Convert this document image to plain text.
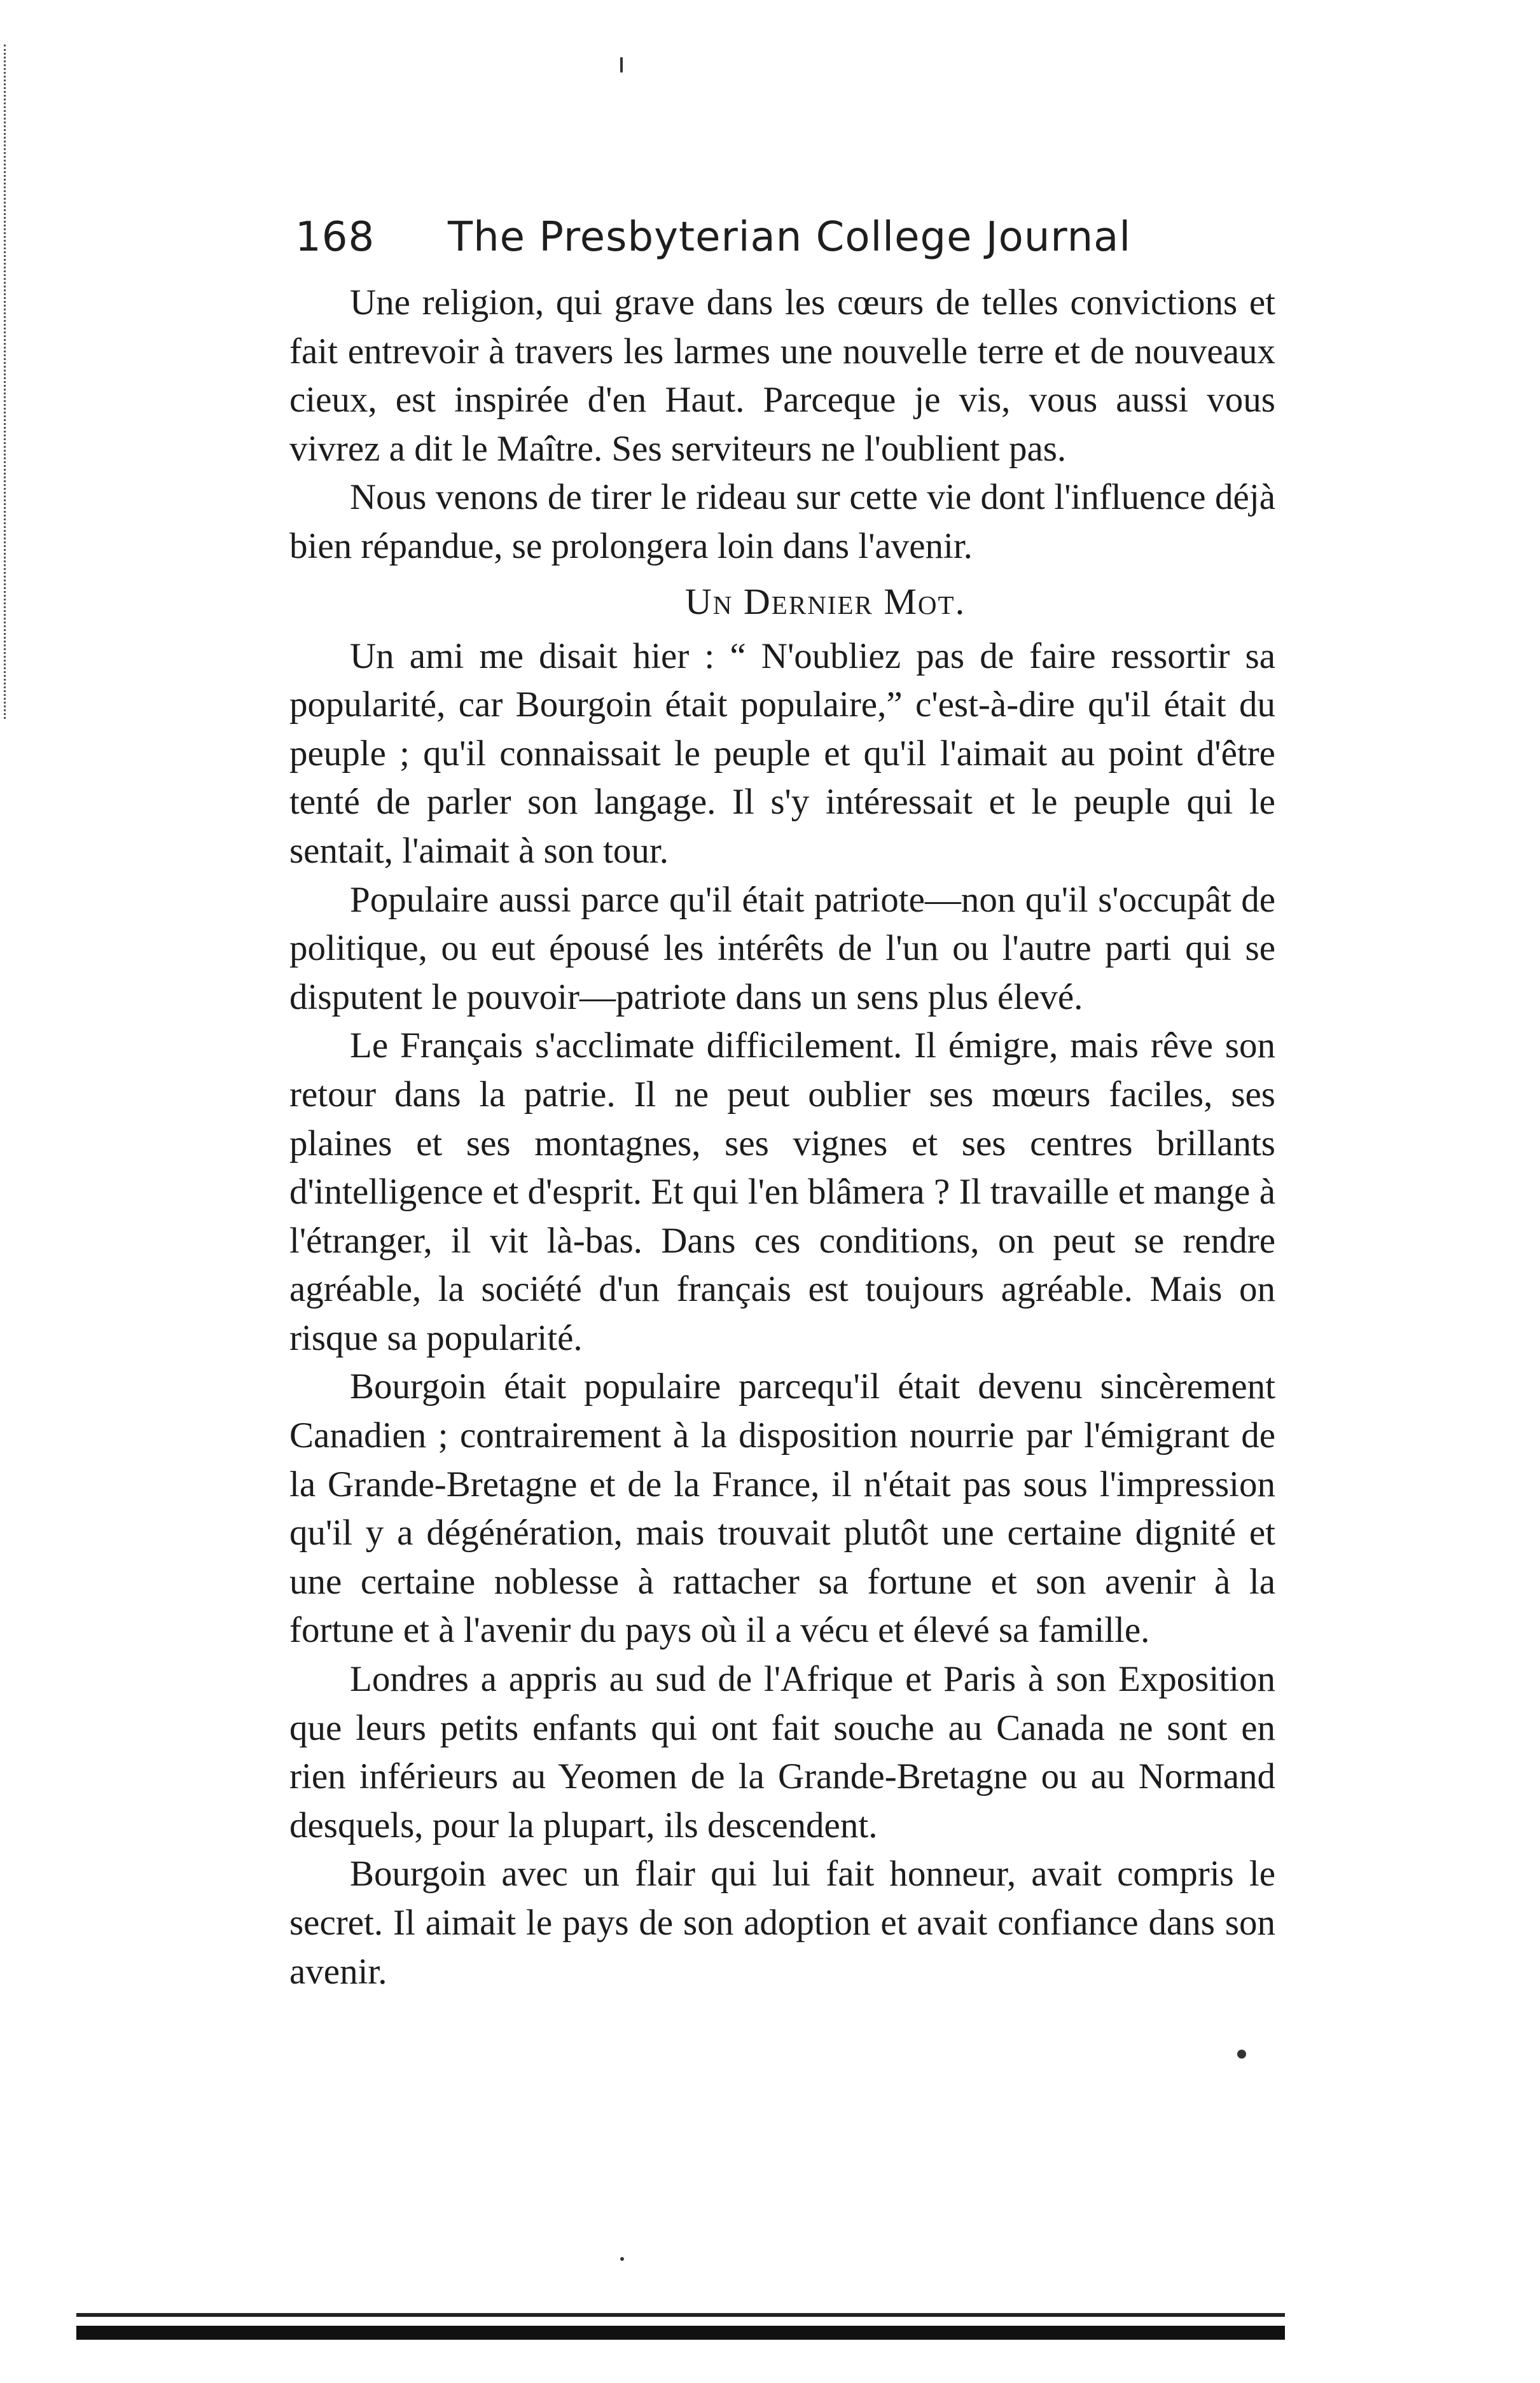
168 The Presbyterian College Journal

Une religion, qui grave dans les cœurs de telles convictions et fait entrevoir à travers les larmes une nouvelle terre et de nouveaux cieux, est inspirée d'en Haut. Parceque je vis, vous aussi vous vivrez a dit le Maître. Ses serviteurs ne l'oublient pas.

Nous venons de tirer le rideau sur cette vie dont l'influence déjà bien répandue, se prolongera loin dans l'avenir.

Un Dernier Mot.

Un ami me disait hier : “ N'oubliez pas de faire ressortir sa popularité, car Bourgoin était populaire,” c'est-à-dire qu'il était du peuple ; qu'il connaissait le peuple et qu'il l'aimait au point d'être tenté de parler son langage. Il s'y intéressait et le peuple qui le sentait, l'aimait à son tour.

Populaire aussi parce qu'il était patriote—non qu'il s'occupât de politique, ou eut épousé les intérêts de l'un ou l'autre parti qui se disputent le pouvoir—patriote dans un sens plus élevé.

Le Français s'acclimate difficilement. Il émigre, mais rêve son retour dans la patrie. Il ne peut oublier ses mœurs faciles, ses plaines et ses montagnes, ses vignes et ses centres brillants d'intelligence et d'esprit. Et qui l'en blâmera ? Il travaille et mange à l'étranger, il vit là-bas. Dans ces conditions, on peut se rendre agréable, la société d'un français est toujours agréable. Mais on risque sa popularité.

Bourgoin était populaire parcequ'il était devenu sincèrement Canadien ; contrairement à la disposition nourrie par l'émigrant de la Grande-Bretagne et de la France, il n'était pas sous l'impression qu'il y a dégénération, mais trouvait plutôt une certaine dignité et une certaine noblesse à rattacher sa fortune et son avenir à la fortune et à l'avenir du pays où il a vécu et élevé sa famille.

Londres a appris au sud de l'Afrique et Paris à son Exposition que leurs petits enfants qui ont fait souche au Canada ne sont en rien inférieurs au Yeomen de la Grande-Bretagne ou au Normand desquels, pour la plupart, ils descendent.

Bourgoin avec un flair qui lui fait honneur, avait compris le secret. Il aimait le pays de son adoption et avait confiance dans son avenir.
